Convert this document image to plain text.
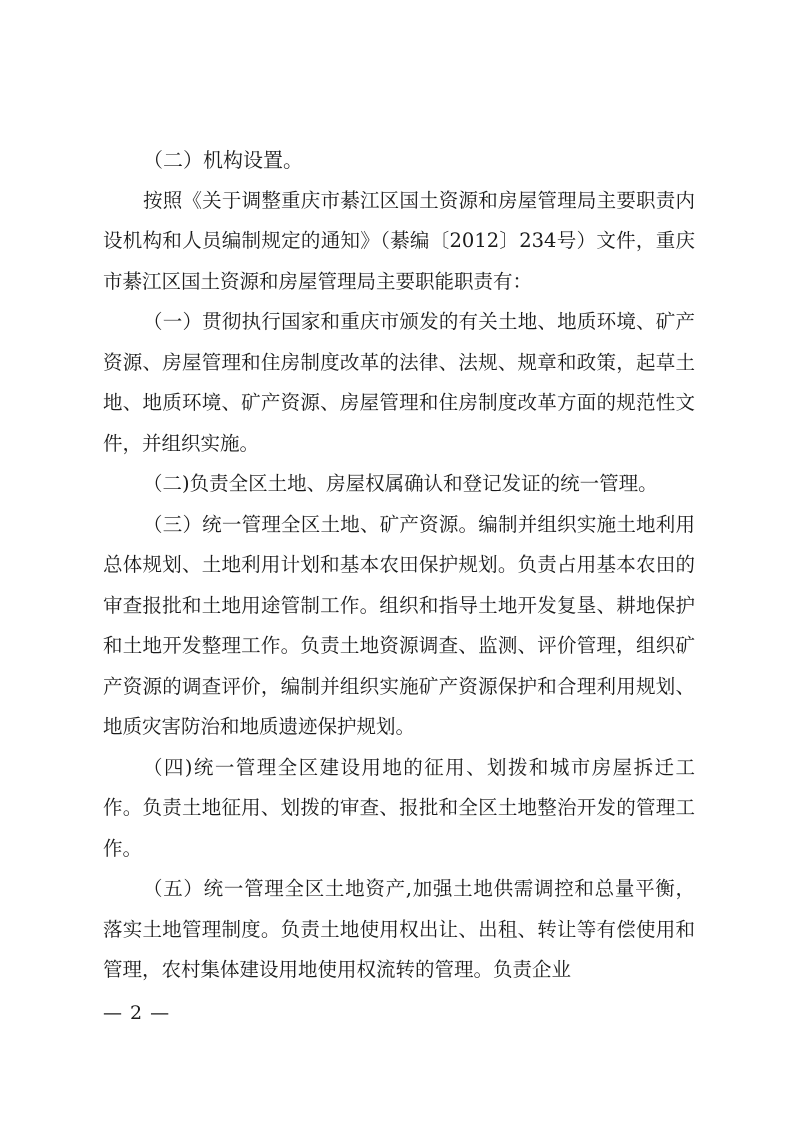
（二）机构设置。

按照《关于调整重庆市綦江区国土资源和房屋管理局主要职责内设机构和人员编制规定的通知》（綦编〔2012〕234号）文件，重庆市綦江区国土资源和房屋管理局主要职能职责有：

（一）贯彻执行国家和重庆市颁发的有关土地、地质环境、矿产资源、房屋管理和住房制度改革的法律、法规、规章和政策，起草土地、地质环境、矿产资源、房屋管理和住房制度改革方面的规范性文件，并组织实施。

（二)负责全区土地、房屋权属确认和登记发证的统一管理。

（三）统一管理全区土地、矿产资源。编制并组织实施土地利用总体规划、土地利用计划和基本农田保护规划。负责占用基本农田的审查报批和土地用途管制工作。组织和指导土地开发复垦、耕地保护和土地开发整理工作。负责土地资源调查、监测、评价管理，组织矿产资源的调查评价，编制并组织实施矿产资源保护和合理利用规划、地质灾害防治和地质遗迹保护规划。

（四)统一管理全区建设用地的征用、划拨和城市房屋拆迁工作。负责土地征用、划拨的审查、报批和全区土地整治开发的管理工作。

（五）统一管理全区土地资产,加强土地供需调控和总量平衡，落实土地管理制度。负责土地使用权出让、出租、转让等有偿使用和管理，农村集体建设用地使用权流转的管理。负责企业

— 2 —
